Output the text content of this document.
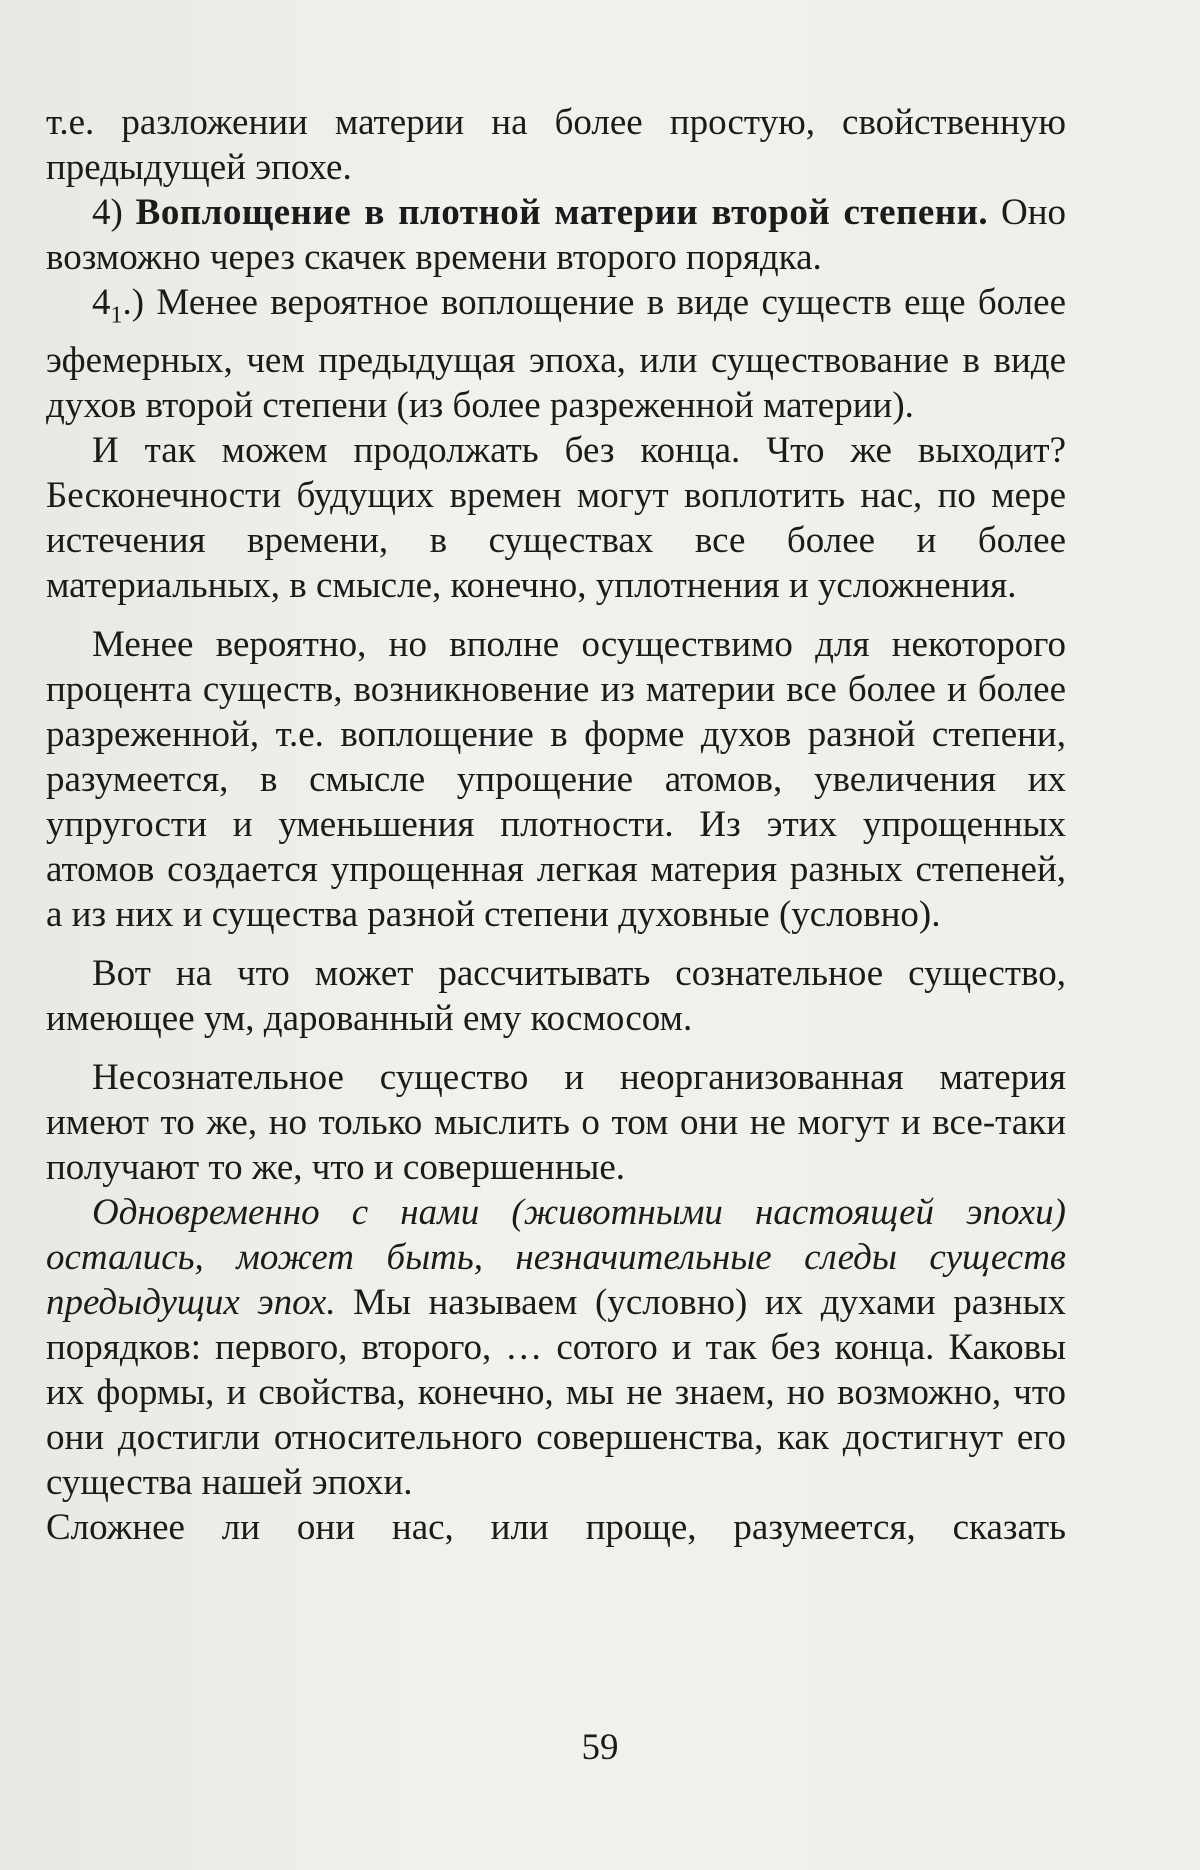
т.е. разложении материи на более простую, свойственную предыдущей эпохе.

4) Воплощение в плотной материи второй степени. Оно возможно через скачек времени второго порядка.

$4_1$.) Менее вероятное воплощение в виде существ еще более эфемерных, чем предыдущая эпоха, или существование в виде духов второй степени (из более разреженной материи).

И так можем продолжать без конца. Что же выходит? Бесконечности будущих времен могут воплотить нас, по мере истечения времени, в существах все более и более материальных, в смысле, конечно, уплотнения и усложнения.

Менее вероятно, но вполне осуществимо для некоторого процента существ, возникновение из материи все более и более разреженной, т.е. воплощение в форме духов разной степени, разумеется, в смысле упрощение атомов, увеличения их упругости и уменьшения плотности. Из этих упрощенных атомов создается упрощенная легкая материя разных степеней, а из них и существа разной степени духовные (условно).

Вот на что может рассчитывать сознательное существо, имеющее ум, дарованный ему космосом.

Несознательное существо и неорганизованная материя имеют то же, но только мыслить о том они не могут и все-таки получают то же, что и совершенные.

Одновременно с нами (животными настоящей эпохи) остались, может быть, незначительные следы существ предыдущих эпох. Мы называем (условно) их духами разных порядков: первого, второго, … сотого и так без конца. Каковы их формы, и свойства, конечно, мы не знаем, но возможно, что они достигли относительного совершенства, как достигнут его существа нашей эпохи.

Сложнее ли они нас, или проще, разумеется, сказать

59
